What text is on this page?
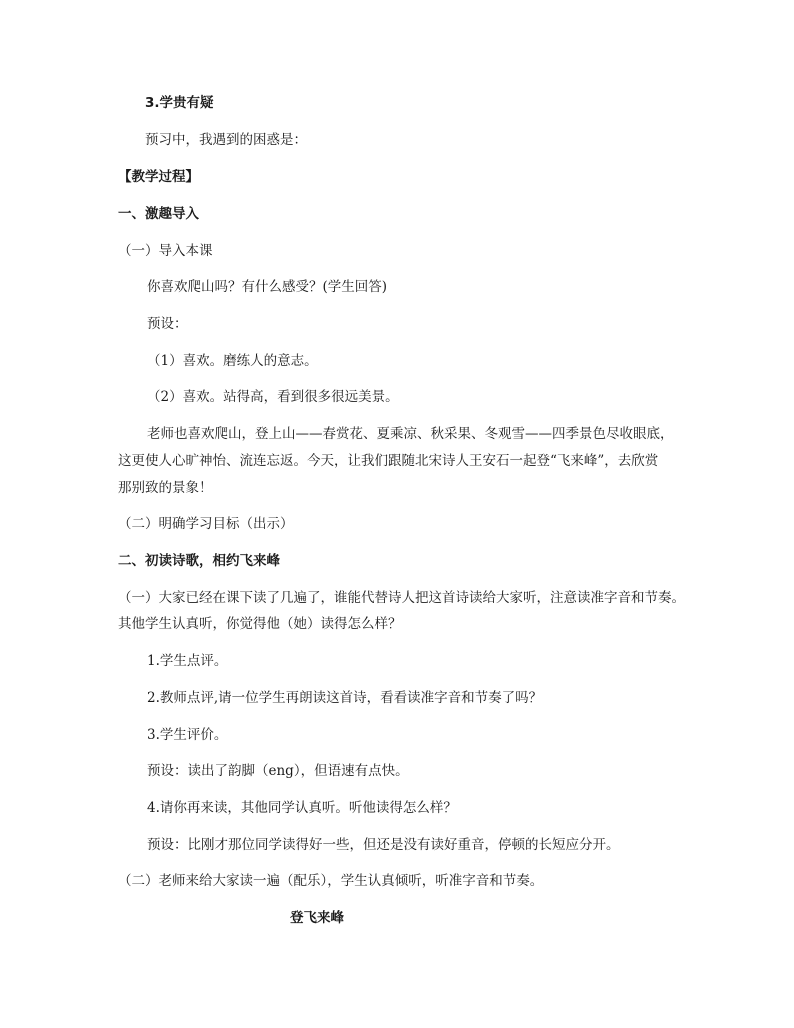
3.学贵有疑
预习中，我遇到的困惑是：
【教学过程】
一、激趣导入
（一）导入本课
你喜欢爬山吗？有什么感受？(学生回答)
预设：
（1）喜欢。磨练人的意志。
（2）喜欢。站得高，看到很多很远美景。
老师也喜欢爬山，登上山——春赏花、夏乘凉、秋采果、冬观雪——四季景色尽收眼底，
这更使人心旷神怡、流连忘返。今天，让我们跟随北宋诗人王安石一起登“飞来峰”，去欣赏
那别致的景象！
（二）明确学习目标（出示）
二、初读诗歌，相约飞来峰
（一）大家已经在课下读了几遍了，谁能代替诗人把这首诗读给大家听，注意读准字音和节奏。
其他学生认真听，你觉得他（她）读得怎么样？
1.学生点评。
2.教师点评,请一位学生再朗读这首诗，看看读准字音和节奏了吗？
3.学生评价。
预设：读出了韵脚（eng），但语速有点快。
4.请你再来读，其他同学认真听。听他读得怎么样？
预设：比刚才那位同学读得好一些，但还是没有读好重音，停顿的长短应分开。
（二）老师来给大家读一遍（配乐），学生认真倾听，听准字音和节奏。
登飞来峰
